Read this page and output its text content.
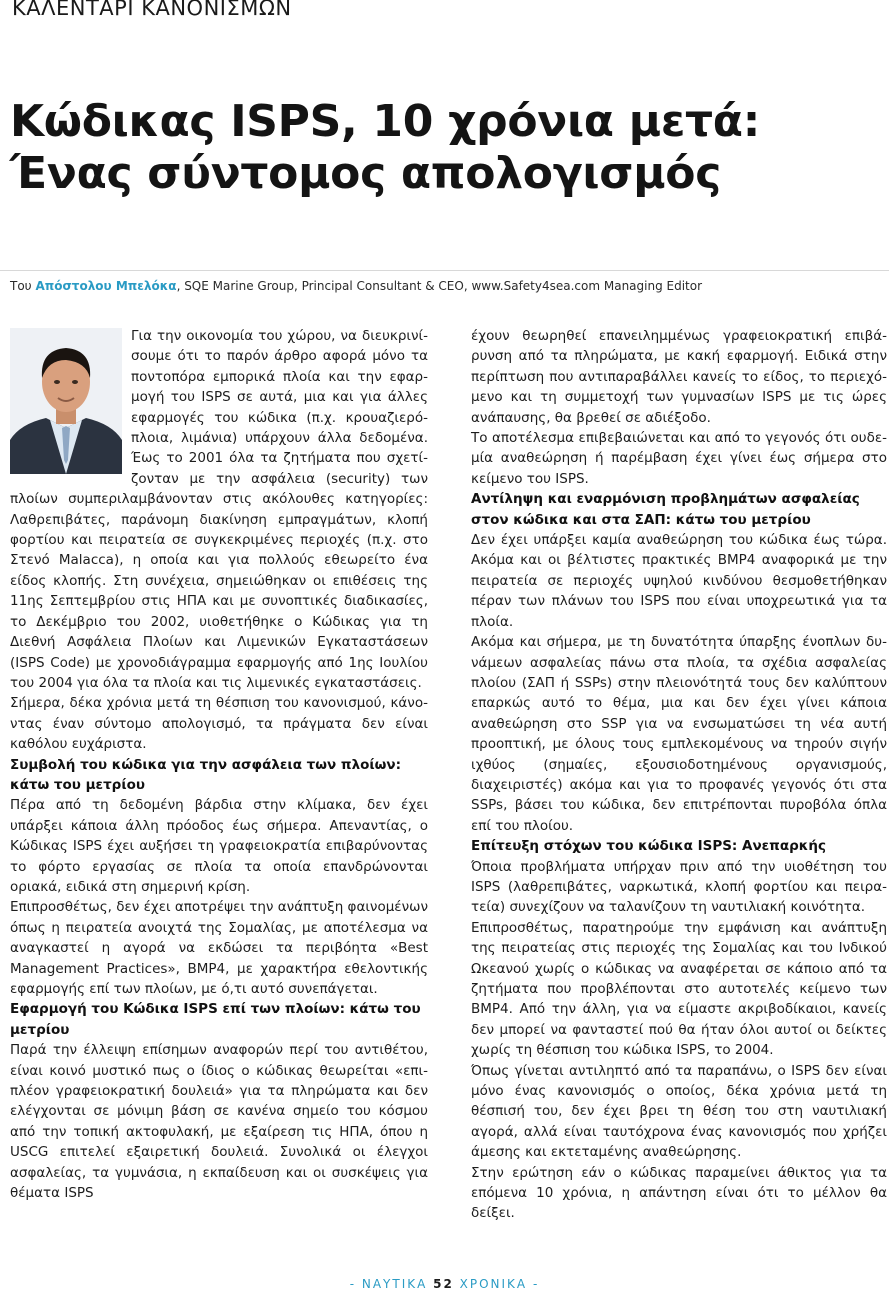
ΚΑΛΕΝΤΑΡΙ ΚΑΝΟΝΙΣΜΩΝ
Κώδικας ISPS, 10 χρόνια μετά:
Ένας σύντομος απολογισμός
Του Απόστολου Μπελόκα, SQE Marine Group, Principal Consultant & CEO, www.Safety4sea.com Managing Editor

Για την οικονομία του χώρου, να διευκρινίσουμε ότι το παρόν άρθρο αφορά μόνο τα ποντοπόρα εμπορικά πλοία και την εφαρμογή του ISPS σε αυτά, μια και για άλλες εφαρμογές του κώδικα (π.χ. κρουαζιερόπλοια, λιμάνια) υπάρχουν άλλα δεδομένα. Έως το 2001 όλα τα ζητήματα που σχετίζονταν με την ασφάλεια (security) των πλοίων συμπεριλαμβάνονταν στις ακόλουθες κατηγορίες: Λαθρεπιβάτες, παράνομη διακίνηση εμπραγμάτων, κλοπή φορτίου και πειρατεία σε συγκεκριμένες περιοχές (π.χ. στο Στενό Malacca), η οποία και για πολλούς εθεωρείτο ένα είδος κλοπής. Στη συνέχεια, σημειώθηκαν οι επιθέσεις της 11ης Σεπτεμβρίου στις ΗΠΑ και με συνοπτικές διαδικασίες, το Δεκέμβριο του 2002, υιοθετήθηκε ο Κώδικας για τη Διεθνή Ασφάλεια Πλοίων και Λιμενικών Εγκαταστάσεων (ISPS Code) με χρονοδιάγραμμα εφαρμογής από 1ης Ιουλίου του 2004 για όλα τα πλοία και τις λιμενικές εγκαταστάσεις.

Σήμερα, δέκα χρόνια μετά τη θέσπιση του κανονισμού, κάνοντας έναν σύντομο απολογισμό, τα πράγματα δεν είναι καθόλου ευχάριστα.

Συμβολή του κώδικα για την ασφάλεια των πλοίων: κάτω του μετρίου

Πέρα από τη δεδομένη βάρδια στην κλίμακα, δεν έχει υπάρξει κάποια άλλη πρόοδος έως σήμερα. Απεναντίας, ο Κώδικας ISPS έχει αυξήσει τη γραφειοκρατία επιβαρύνοντας το φόρτο εργασίας σε πλοία τα οποία επανδρώνονται οριακά, ειδικά στη σημερινή κρίση.

Επιπροσθέτως, δεν έχει αποτρέψει την ανάπτυξη φαινομένων όπως η πειρατεία ανοιχτά της Σομαλίας, με αποτέλεσμα να αναγκαστεί η αγορά να εκδώσει τα περιβόητα «Best Management Practices», BMP4, με χαρακτήρα εθελοντικής εφαρμογής επί των πλοίων, με ό,τι αυτό συνεπάγεται.

Εφαρμογή του Κώδικα ISPS επί των πλοίων: κάτω του μετρίου

Παρά την έλλειψη επίσημων αναφορών περί του αντιθέτου, είναι κοινό μυστικό πως ο ίδιος ο κώδικας θεωρείται «επιπλέον γραφειοκρατική δουλειά» για τα πληρώματα και δεν ελέγχονται σε μόνιμη βάση σε κανένα σημείο του κόσμου από την τοπική ακτοφυλακή, με εξαίρεση τις ΗΠΑ, όπου η USCG επιτελεί εξαιρετική δουλειά. Συνολικά οι έλεγχοι ασφαλείας, τα γυμνάσια, η εκπαίδευση και οι συσκέψεις για θέματα ISPS

έχουν θεωρηθεί επανειλημμένως γραφειοκρατική επιβάρυνση από τα πληρώματα, με κακή εφαρμογή. Ειδικά στην περίπτωση που αντιπαραβάλλει κανείς το είδος, το περιεχόμενο και τη συμμετοχή των γυμνασίων ISPS με τις ώρες ανάπαυσης, θα βρεθεί σε αδιέξοδο.

Το αποτέλεσμα επιβεβαιώνεται και από το γεγονός ότι ουδεμία αναθεώρηση ή παρέμβαση έχει γίνει έως σήμερα στο κείμενο του ISPS.

Αντίληψη και εναρμόνιση προβλημάτων ασφαλείας στον κώδικα και στα ΣΑΠ: κάτω του μετρίου

Δεν έχει υπάρξει καμία αναθεώρηση του κώδικα έως τώρα. Ακόμα και οι βέλτιστες πρακτικές BMP4 αναφορικά με την πειρατεία σε περιοχές υψηλού κινδύνου θεσμοθετήθηκαν πέραν των πλάνων του ISPS που είναι υποχρεωτικά για τα πλοία.

Ακόμα και σήμερα, με τη δυνατότητα ύπαρξης ένοπλων δυνάμεων ασφαλείας πάνω στα πλοία, τα σχέδια ασφαλείας πλοίου (ΣΑΠ ή SSPs) στην πλειονότητά τους δεν καλύπτουν επαρκώς αυτό το θέμα, μια και δεν έχει γίνει κάποια αναθεώρηση στο SSP για να ενσωματώσει τη νέα αυτή προοπτική, με όλους τους εμπλεκομένους να τηρούν σιγήν ιχθύος (σημαίες, εξουσιοδοτημένους οργανισμούς, διαχειριστές) ακόμα και για το προφανές γεγονός ότι στα SSPs, βάσει του κώδικα, δεν επιτρέπονται πυροβόλα όπλα επί του πλοίου.

Επίτευξη στόχων του κώδικα ISPS: Ανεπαρκής

Όποια προβλήματα υπήρχαν πριν από την υιοθέτηση του ISPS (λαθρεπιβάτες, ναρκωτικά, κλοπή φορτίου και πειρατεία) συνεχίζουν να ταλανίζουν τη ναυτιλιακή κοινότητα.

Επιπροσθέτως, παρατηρούμε την εμφάνιση και ανάπτυξη της πειρατείας στις περιοχές της Σομαλίας και του Ινδικού Ωκεανού χωρίς ο κώδικας να αναφέρεται σε κάποιο από τα ζητήματα που προβλέπονται στο αυτοτελές κείμενο των BMP4. Από την άλλη, για να είμαστε ακριβοδίκαιοι, κανείς δεν μπορεί να φανταστεί πού θα ήταν όλοι αυτοί οι δείκτες χωρίς τη θέσπιση του κώδικα ISPS, το 2004.

Όπως γίνεται αντιληπτό από τα παραπάνω, ο ISPS δεν είναι μόνο ένας κανονισμός ο οποίος, δέκα χρόνια μετά τη θέσπισή του, δεν έχει βρει τη θέση του στη ναυτιλιακή αγορά, αλλά είναι ταυτόχρονα ένας κανονισμός που χρήζει άμεσης και εκτεταμένης αναθεώρησης.

Στην ερώτηση εάν ο κώδικας παραμείνει άθικτος για τα επόμενα 10 χρόνια, η απάντηση είναι ότι το μέλλον θα δείξει.

- ΝΑΥΤΙΚΑ 52 ΧΡΟΝΙΚΑ -
